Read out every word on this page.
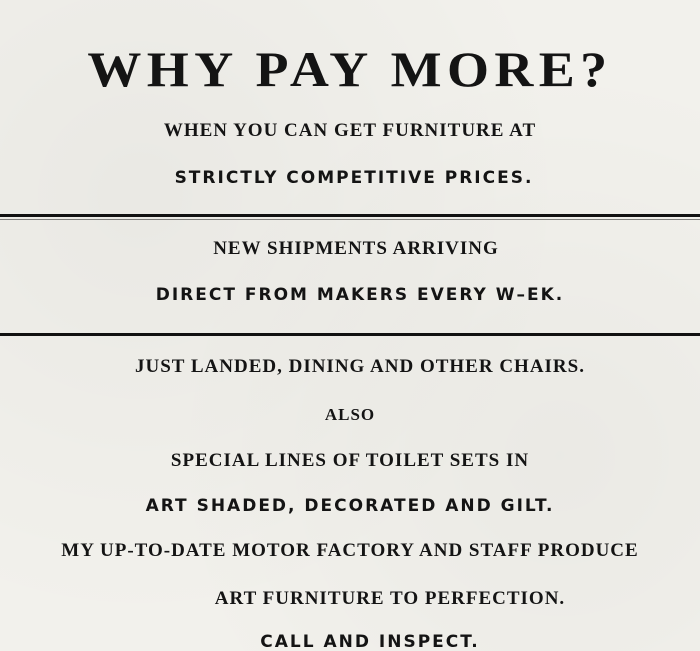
WHY PAY MORE?
WHEN YOU CAN GET FURNITURE AT
STRICTLY COMPETITIVE PRICES.
NEW SHIPMENTS ARRIVING
DIRECT FROM MAKERS EVERY W–EK.
JUST LANDED, DINING AND OTHER CHAIRS.
ALSO
SPECIAL LINES OF TOILET SETS IN
ART SHADED, DECORATED AND GILT.
MY UP-TO-DATE MOTOR FACTORY AND STAFF PRODUCE
ART FURNITURE TO PERFECTION.
CALL AND INSPECT.
